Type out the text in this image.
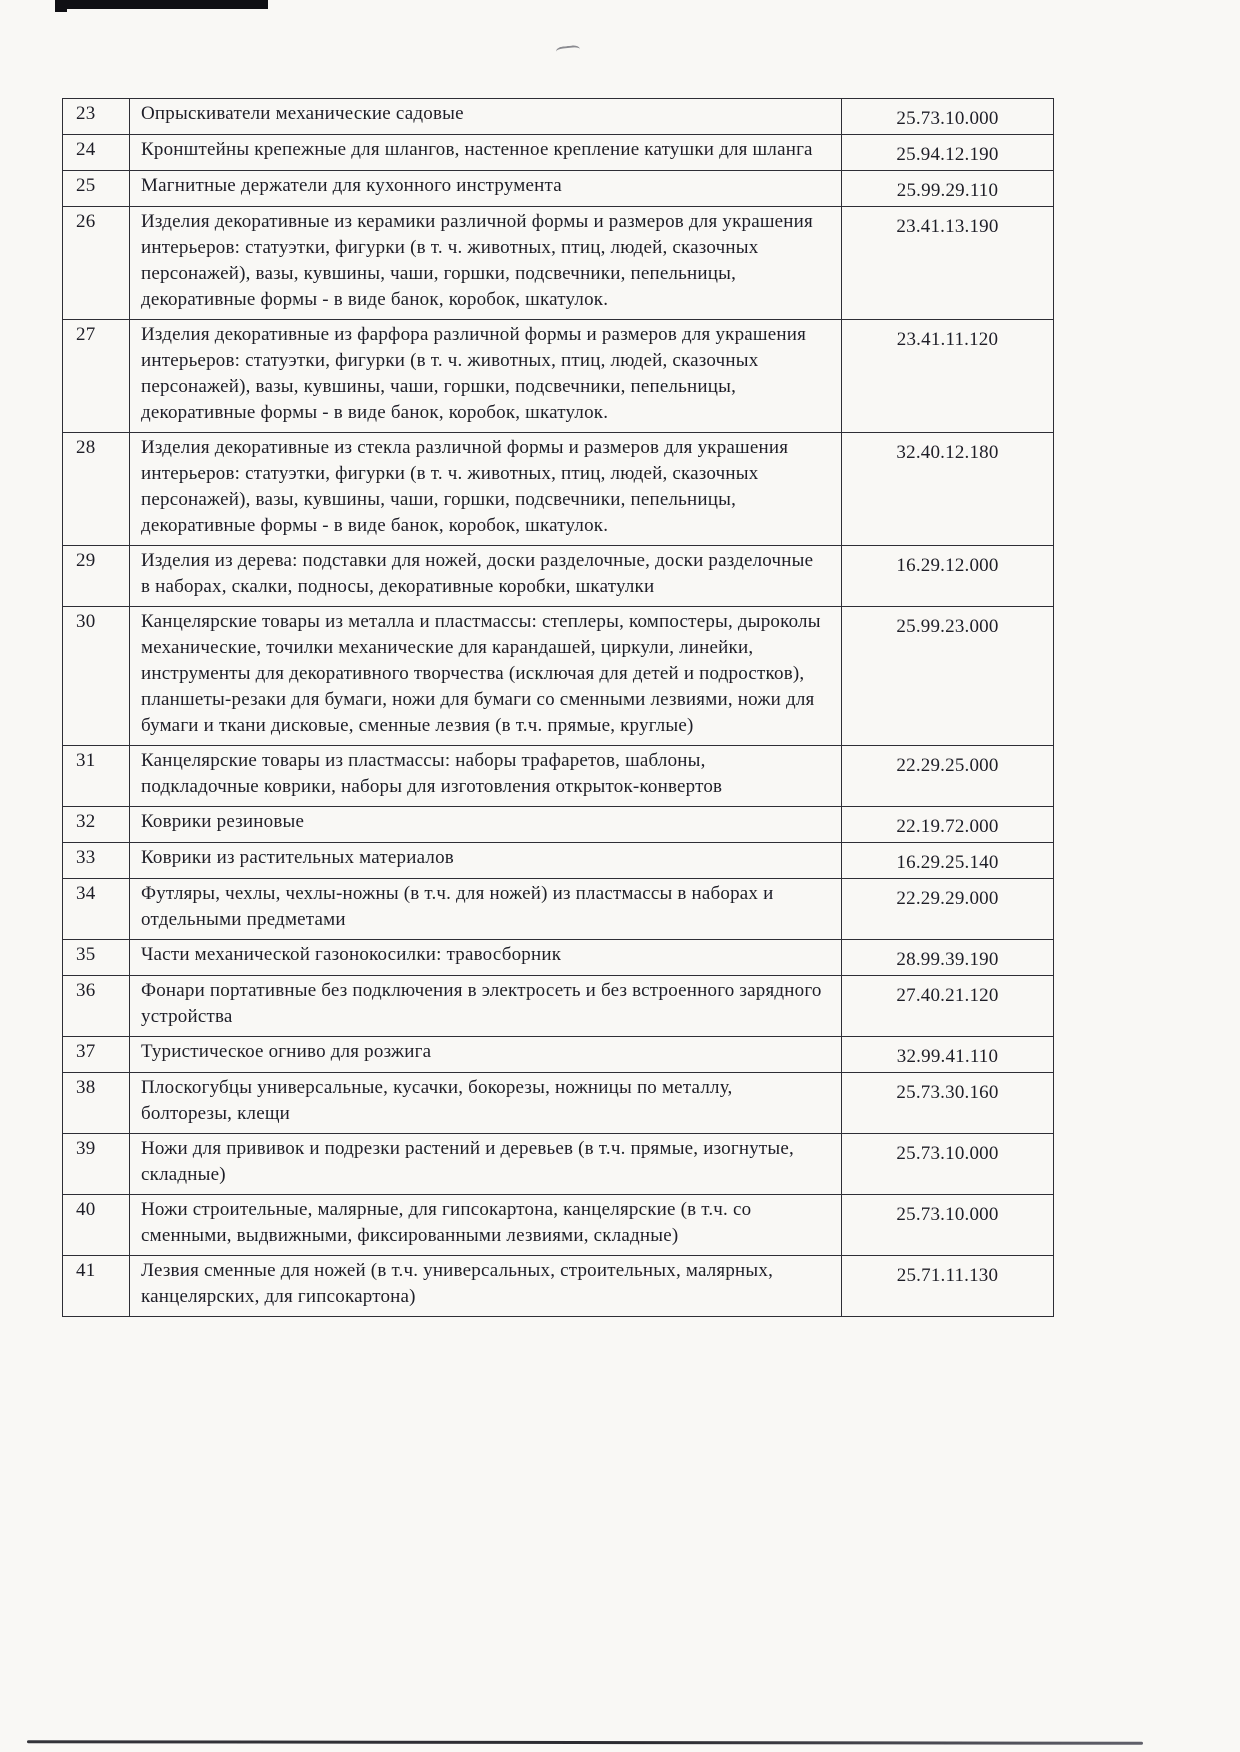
23	Опрыскиватели механические садовые	25.73.10.000
24	Кронштейны крепежные для шлангов, настенное крепление катушки для шланга	25.94.12.190
25	Магнитные держатели для кухонного инструмента	25.99.29.110
26	Изделия декоративные из керамики различной формы и размеров для украшения интерьеров: статуэтки, фигурки (в т. ч. животных, птиц, людей, сказочных персонажей), вазы, кувшины, чаши, горшки, подсвечники, пепельницы, декоративные формы - в виде банок, коробок, шкатулок.	23.41.13.190
27	Изделия декоративные из фарфора различной формы и размеров для украшения интерьеров: статуэтки, фигурки (в т. ч. животных, птиц, людей, сказочных персонажей), вазы, кувшины, чаши, горшки, подсвечники, пепельницы, декоративные формы - в виде банок, коробок, шкатулок.	23.41.11.120
28	Изделия декоративные из стекла различной формы и размеров для украшения интерьеров: статуэтки, фигурки (в т. ч. животных, птиц, людей, сказочных персонажей), вазы, кувшины, чаши, горшки, подсвечники, пепельницы, декоративные формы - в виде банок, коробок, шкатулок.	32.40.12.180
29	Изделия из дерева: подставки для ножей, доски разделочные, доски разделочные в наборах, скалки, подносы, декоративные коробки, шкатулки	16.29.12.000
30	Канцелярские товары из металла и пластмассы: степлеры, компостеры, дыроколы механические, точилки механические для карандашей, циркули, линейки, инструменты для декоративного творчества (исключая для детей и подростков), планшеты-резаки для бумаги, ножи для бумаги со сменными лезвиями, ножи для бумаги и ткани дисковые, сменные лезвия (в т.ч. прямые, круглые)	25.99.23.000
31	Канцелярские товары из пластмассы: наборы трафаретов, шаблоны, подкладочные коврики, наборы для изготовления открыток-конвертов	22.29.25.000
32	Коврики резиновые	22.19.72.000
33	Коврики из растительных материалов	16.29.25.140
34	Футляры, чехлы, чехлы-ножны (в т.ч. для ножей) из пластмассы в наборах и отдельными предметами	22.29.29.000
35	Части механической газонокосилки: травосборник	28.99.39.190
36	Фонари портативные без подключения в электросеть и без встроенного зарядного устройства	27.40.21.120
37	Туристическое огниво для розжига	32.99.41.110
38	Плоскогубцы универсальные, кусачки, бокорезы, ножницы по металлу, болторезы, клещи	25.73.30.160
39	Ножи для прививок и подрезки растений и деревьев (в т.ч. прямые, изогнутые, складные)	25.73.10.000
40	Ножи строительные, малярные, для гипсокартона, канцелярские (в т.ч. со сменными, выдвижными, фиксированными лезвиями, складные)	25.73.10.000
41	Лезвия сменные для ножей (в т.ч. универсальных, строительных, малярных, канцелярских, для гипсокартона)	25.71.11.130
